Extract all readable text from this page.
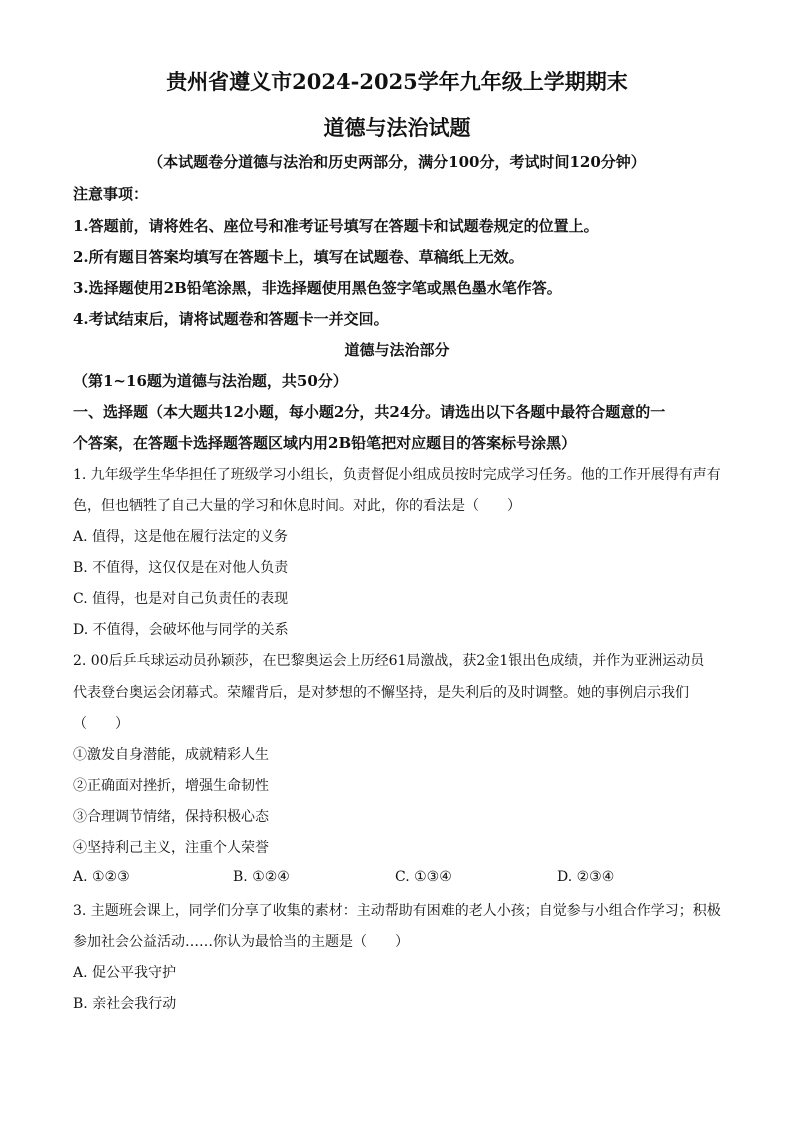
贵州省遵义市2024-2025学年九年级上学期期末
道德与法治试题
（本试题卷分道德与法治和历史两部分，满分100分，考试时间120分钟）
注意事项：
1.答题前，请将姓名、座位号和准考证号填写在答题卡和试题卷规定的位置上。
2.所有题目答案均填写在答题卡上，填写在试题卷、草稿纸上无效。
3.选择题使用2B铅笔涂黑，非选择题使用黑色签字笔或黑色墨水笔作答。
4.考试结束后，请将试题卷和答题卡一并交回。
道德与法治部分
（第1~16题为道德与法治题，共50分）
一、选择题（本大题共12小题，每小题2分，共24分。请选出以下各题中最符合题意的一
个答案，在答题卡选择题答题区域内用2B铅笔把对应题目的答案标号涂黑）
1. 九年级学生华华担任了班级学习小组长，负责督促小组成员按时完成学习任务。他的工作开展得有声有
色，但也牺牲了自己大量的学习和休息时间。对此，你的看法是（　　）
A. 值得，这是他在履行法定的义务
B. 不值得，这仅仅是在对他人负责
C. 值得，也是对自己负责任的表现
D. 不值得，会破坏他与同学的关系
2. 00后乒乓球运动员孙颖莎，在巴黎奥运会上历经61局激战，获2金1银出色成绩，并作为亚洲运动员
代表登台奥运会闭幕式。荣耀背后，是对梦想的不懈坚持，是失利后的及时调整。她的事例启示我们
（　　）
①激发自身潜能，成就精彩人生
②正确面对挫折，增强生命韧性
③合理调节情绪，保持积极心态
④坚持利己主义，注重个人荣誉
A. ①②③	B. ①②④	C. ①③④	D. ②③④
3. 主题班会课上，同学们分享了收集的素材：主动帮助有困难的老人小孩；自觉参与小组合作学习；积极
参加社会公益活动……你认为最恰当的主题是（　　）
A. 促公平我守护
B. 亲社会我行动
